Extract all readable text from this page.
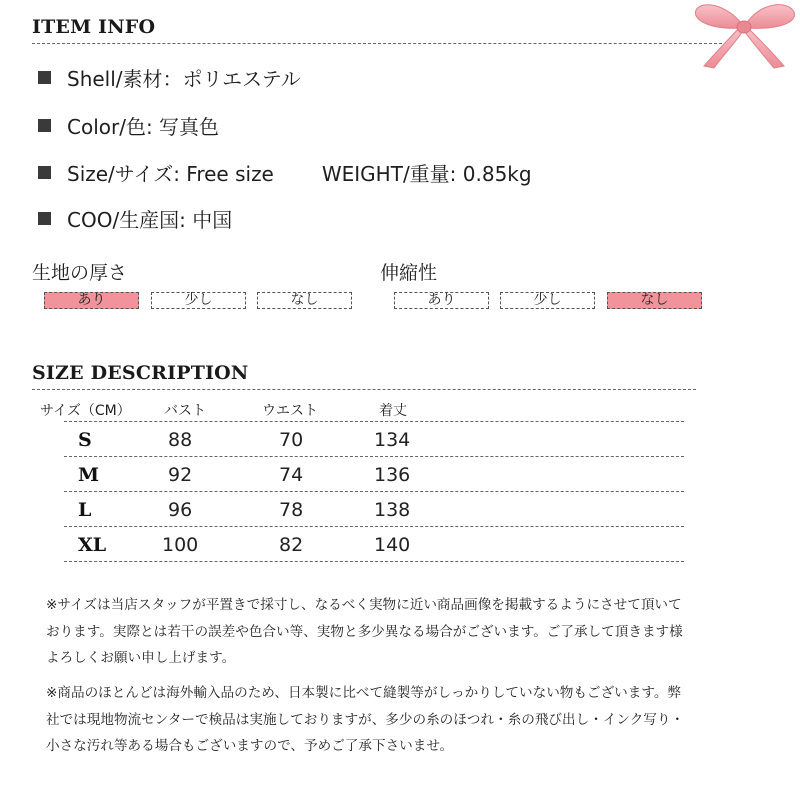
ITEM INFO
Shell/素材：ポリエステル
Color/色: 写真色
Size/サイズ: Free size WEIGHT/重量: 0.85kg
COO/生産国: 中国
生地の厚さ
あり	少し	なし
伸縮性
あり	少し	なし
SIZE DESCRIPTION
サイズ（CM） バスト	ウエスト	着丈
S	88	70	134
M	92	74	136
L	96	78	138
XL	100	82	140
※サイズは当店スタッフが平置きで採寸し、なるべく実物に近い商品画像を掲載するようにさせて頂いております。実際とは若干の誤差や色合い等、実物と多少異なる場合がございます。ご了承して頂きます様よろしくお願い申し上げます。
※商品のほとんどは海外輸入品のため、日本製に比べて縫製等がしっかりしていない物もございます。弊社では現地物流センターで検品は実施しておりますが、多少の糸のほつれ・糸の飛び出し・インク写り・小さな汚れ等ある場合もございますので、予めご了承下さいませ。
